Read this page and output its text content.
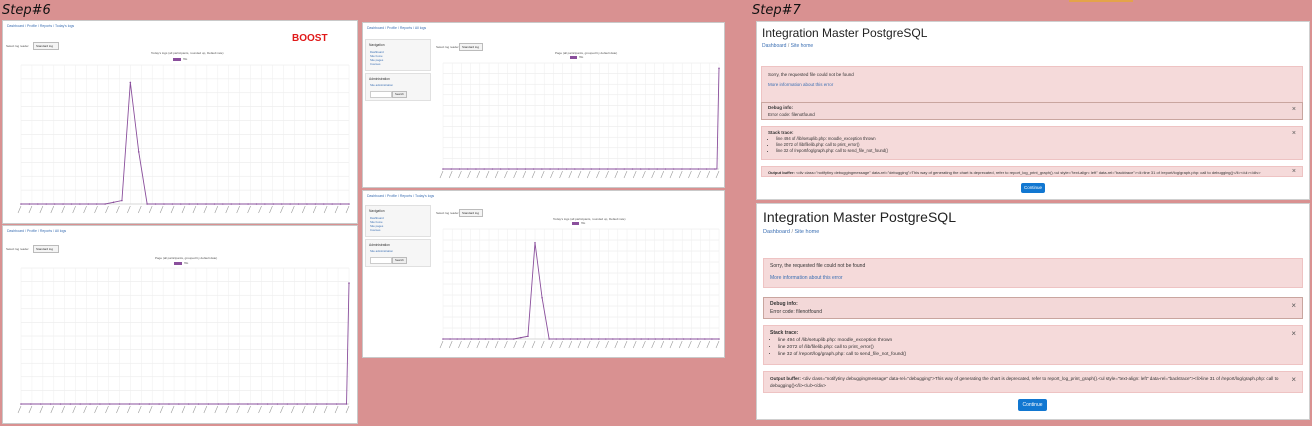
Step#6	Step#7
Dashboard / Profile / Reports / Today's logs
BOOST
Select log reader Standard log
Today's logs (all participants, rounded up, Default rate)
Hits
Dashboard / Profile / Reports / All logs
Select log reader Standard log
Page (all participants, grouped by default date)
Hits
Dashboard / Profile / Reports / All logs
Navigation
Dashboard
Site home
Site pages
Courses
Administration
Site administration
Search
Select log reader Standard log
Page (all participants, grouped by default date)
Hits
Dashboard / Profile / Reports / Today's logs
Navigation
Dashboard
Site home
Site pages
Courses
Administration
Site administration
Search
Select log reader Standard log
Today's logs (all participants, rounded up, Default rate)
Hits
Integration Master PostgreSQL
Dashboard / Site home
Sorry, the requested file could not be found
More information about this error
Debug info:
Error code: filenotfound
×
Stack trace:
• line 494 of /lib/setuplib.php: moodle_exception thrown
• line 2072 of /lib/filelib.php: call to print_error()
• line 32 of /report/log/graph.php: call to send_file_not_found()
×
Output buffer: <div class="notifytiny debuggingmessage" data-rel="debugging">This way of generating the chart is deprecated, refer to report_log_print_graph().<ul style="text-align: left" data-rel="backtrace"><li>line 31 of /report/log/graph.php: call to debugging()</li></ul></div>	×
Continue
Integration Master PostgreSQL
Dashboard / Site home
Sorry, the requested file could not be found
More information about this error
Debug info:
Error code: filenotfound
×
Stack trace:
• line 494 of /lib/setuplib.php: moodle_exception thrown
• line 2072 of /lib/filelib.php: call to print_error()
• line 32 of /report/log/graph.php: call to send_file_not_found()
×
Output buffer: <div class="notifytiny debuggingmessage" data-rel="debugging">This way of generating the chart is deprecated, refer to report_log_print_graph().<ul style="text-align: left" data-rel="backtrace"><li>line 31 of /report/log/graph.php: call to debugging()</li></ul></div>
×
Continue
